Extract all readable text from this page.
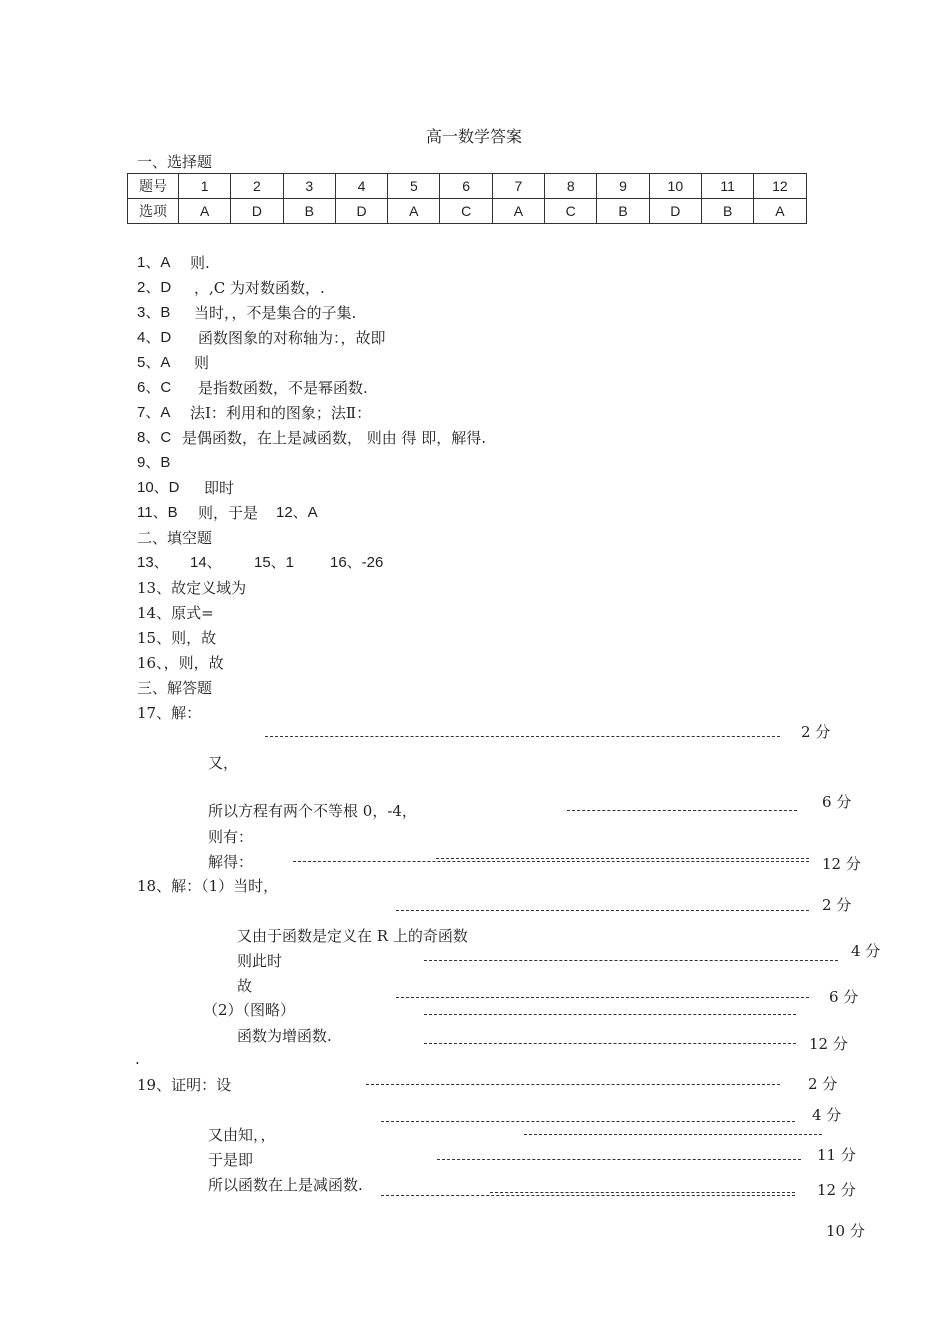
高一数学答案
一、选择题
题号	1	2	3	4	5	6	7	8	9	10	11	12
选项	A	D	B	D	A	C	A	C	B	D	B	A
1、A 则.
2、D ，,C 为对数函数，.
3、B 当时，，不是集合的子集.
4、D 函数图象的对称轴为：，故即
5、A 则
6、C 是指数函数，不是幂函数.
7、A 法Ⅰ：利用和的图象；法Ⅱ：
8、C 是偶函数，在上是减函数， 则由 得 即，解得.
9、B
10、D 即时
11、B 则，于是 12、A
二、填空题
13、 14、 15、1 16、-26
13、故定义域为
14、原式=
15、则，故
16、，则，故
三、解答题
17、解：
2 分
又，
所以方程有两个不等根 0，-4，	6 分
则有：
解得：	12 分
18、解：（1）当时，
2 分
又由于函数是定义在 R 上的奇函数
4 分
则此时
故
6 分
（2）（图略）
函数为增函数.	12 分
.
19、证明：设	2 分
4 分
又由知，，
于是即	11 分
所以函数在上是减函数.	12 分
10 分
